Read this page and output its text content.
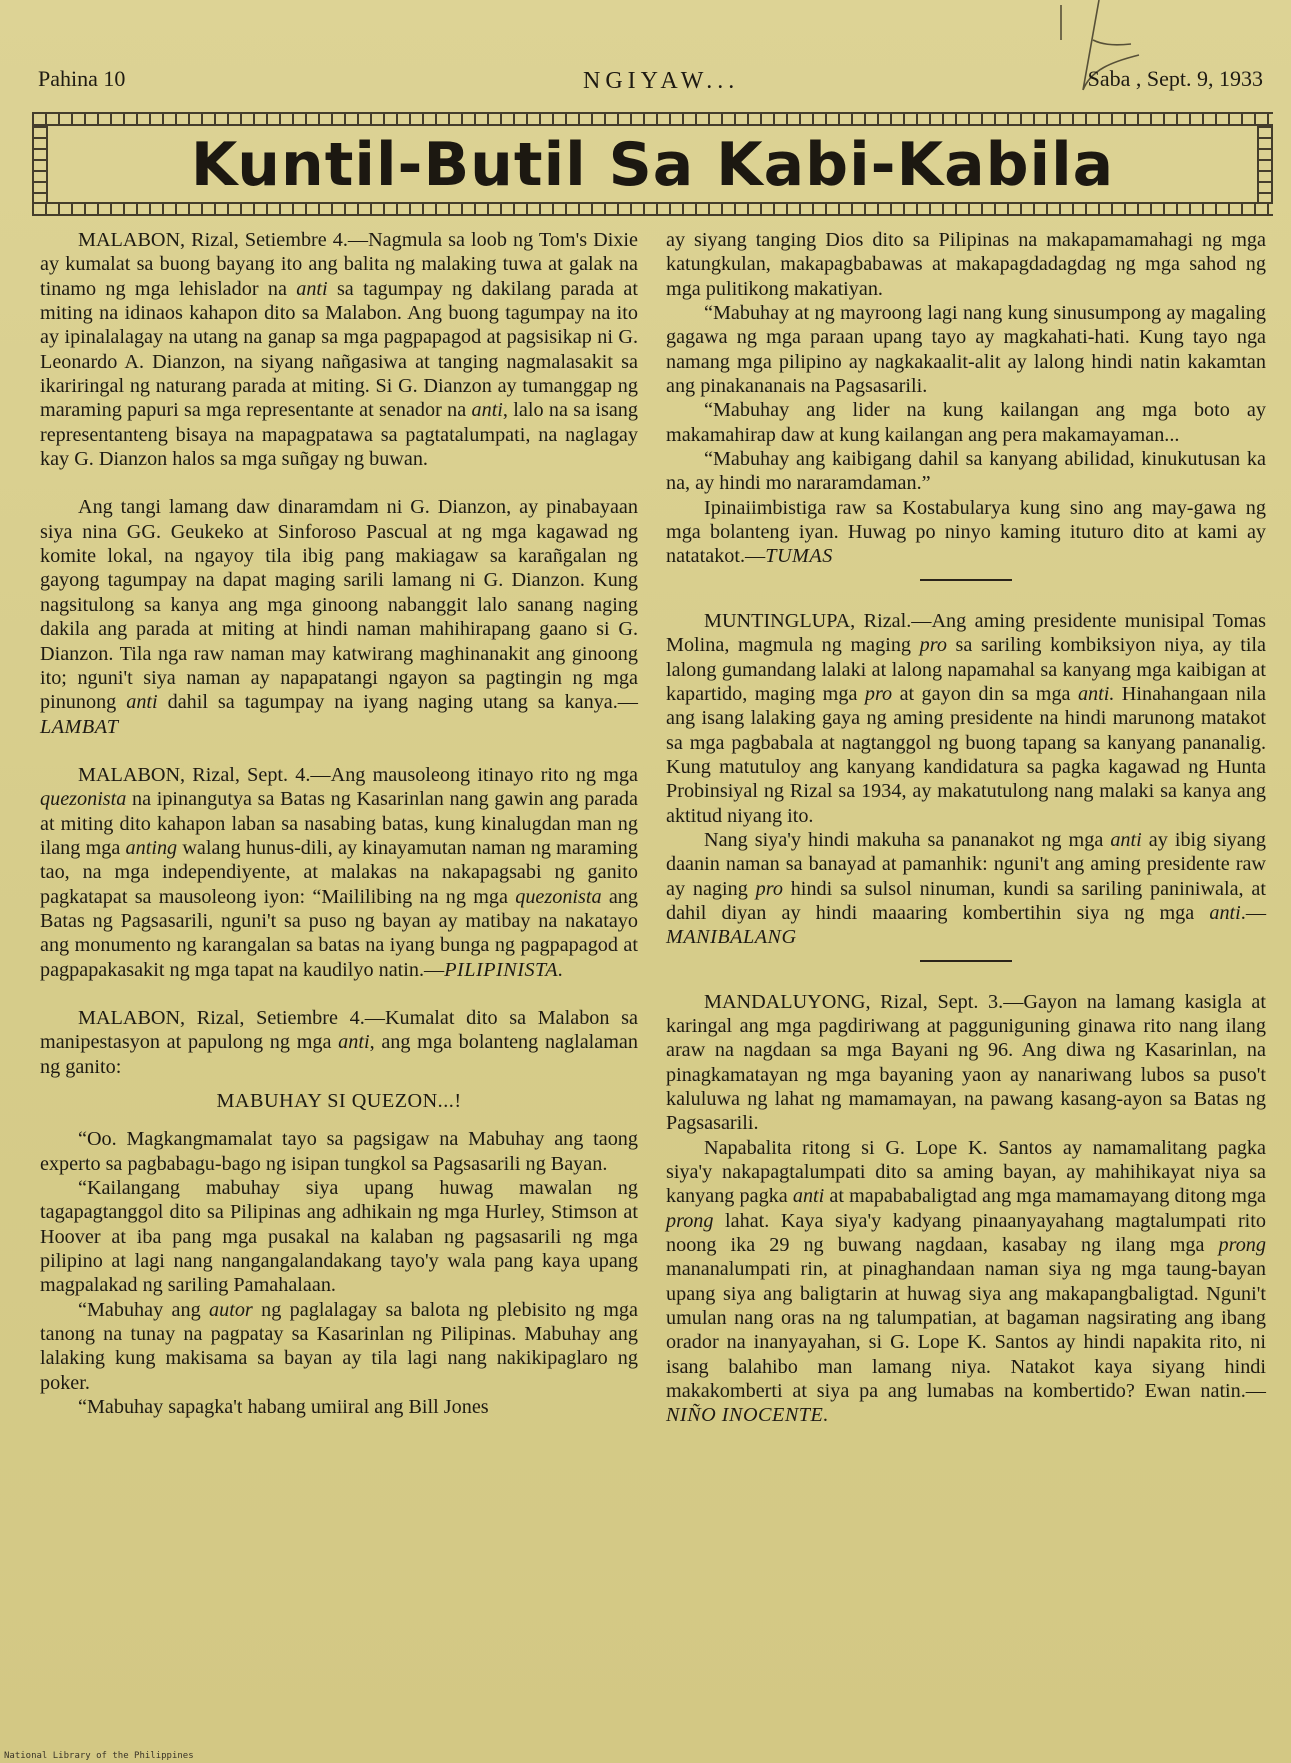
Pahina 10	NGIYAW...	Saba , Sept. 9, 1933
Kuntil-Butil Sa Kabi-Kabila

MALABON, Rizal, Setiembre 4.—Nagmula sa loob ng Tom's Dixie ay kumalat sa buong bayang ito ang balita ng malaking tuwa at galak na tinamo ng mga lehislador na anti sa tagumpay ng dakilang parada at miting na idinaos kahapon dito sa Malabon. Ang buong tagumpay na ito ay ipinalalagay na utang na ganap sa mga pagpapagod at pagsisikap ni G. Leonardo A. Dianzon, na siyang nañgasiwa at tanging nagmalasakit sa ikariringal ng naturang parada at miting. Si G. Dianzon ay tumanggap ng maraming papuri sa mga representante at senador na anti, lalo na sa isang representanteng bisaya na mapagpatawa sa pagtatalumpati, na naglagay kay G. Dianzon halos sa mga suñgay ng buwan.

Ang tangi lamang daw dinaramdam ni G. Dianzon, ay pinabayaan siya nina GG. Geukeko at Sinforoso Pascual at ng mga kagawad ng komite lokal, na ngayoy tila ibig pang makiagaw sa karañgalan ng gayong tagumpay na dapat maging sarili lamang ni G. Dianzon. Kung nagsitulong sa kanya ang mga ginoong nabanggit lalo sanang naging dakila ang parada at miting at hindi naman mahihirapang gaano si G. Dianzon. Tila nga raw naman may katwirang maghinanakit ang ginoong ito; nguni't siya naman ay napapatangi ngayon sa pagtingin ng mga pinunong anti dahil sa tagumpay na iyang naging utang sa kanya.—LAMBAT

MALABON, Rizal, Sept. 4.—Ang mausoleong itinayo rito ng mga quezonista na ipinangutya sa Batas ng Kasarinlan nang gawin ang parada at miting dito kahapon laban sa nasabing batas, kung kinalugdan man ng ilang mga anting walang hunus-dili, ay kinayamutan naman ng maraming tao, na mga independiyente, at malakas na nakapagsabi ng ganito pagkatapat sa mausoleong iyon: “Maililibing na ng mga quezonista ang Batas ng Pagsasarili, nguni't sa puso ng bayan ay matibay na nakatayo ang monumento ng karangalan sa batas na iyang bunga ng pagpapagod at pagpapakasakit ng mga tapat na kaudilyo natin.—PILIPINISTA.

MALABON, Rizal, Setiembre 4.—Kumalat dito sa Malabon sa manipestasyon at papulong ng mga anti, ang mga bolanteng naglalaman ng ganito:

MABUHAY SI QUEZON...!

“Oo. Magkangmamalat tayo sa pagsigaw na Mabuhay ang taong experto sa pagbabagu-bago ng isipan tungkol sa Pagsasarili ng Bayan.

“Kailangang mabuhay siya upang huwag mawalan ng tagapagtanggol dito sa Pilipinas ang adhikain ng mga Hurley, Stimson at Hoover at iba pang mga pusakal na kalaban ng pagsasarili ng mga pilipino at lagi nang nangangalandakang tayo'y wala pang kaya upang magpalakad ng sariling Pamahalaan.

“Mabuhay ang autor ng paglalagay sa balota ng plebisito ng mga tanong na tunay na pagpatay sa Kasarinlan ng Pilipinas. Mabuhay ang lalaking kung makisama sa bayan ay tila lagi nang nakikipaglaro ng poker.

“Mabuhay sapagka't habang umiiral ang Bill Jones

ay siyang tanging Dios dito sa Pilipinas na makapamamahagi ng mga katungkulan, makapagbabawas at makapagdadagdag ng mga sahod ng mga pulitikong makatiyan.

“Mabuhay at ng mayroong lagi nang kung sinusumpong ay magaling gagawa ng mga paraan upang tayo ay magkahati-hati. Kung tayo nga namang mga pilipino ay nagkakaalit-alit ay lalong hindi natin kakamtan ang pinakananais na Pagsasarili.

“Mabuhay ang lider na kung kailangan ang mga boto ay makamahirap daw at kung kailangan ang pera makamayaman...

“Mabuhay ang kaibigang dahil sa kanyang abilidad, kinukutusan ka na, ay hindi mo nararamdaman.”

Ipinaiimbistiga raw sa Kostabularya kung sino ang may-gawa ng mga bolanteng iyan. Huwag po ninyo kaming ituturo dito at kami ay natatakot.—TUMAS

MUNTINGLUPA, Rizal.—Ang aming presidente munisipal Tomas Molina, magmula ng maging pro sa sariling kombiksiyon niya, ay tila lalong gumandang lalaki at lalong napamahal sa kanyang mga kaibigan at kapartido, maging mga pro at gayon din sa mga anti. Hinahangaan nila ang isang lalaking gaya ng aming presidente na hindi marunong matakot sa mga pagbabala at nagtanggol ng buong tapang sa kanyang pananalig. Kung matutuloy ang kanyang kandidatura sa pagka kagawad ng Hunta Probinsiyal ng Rizal sa 1934, ay makatutulong nang malaki sa kanya ang aktitud niyang ito.

Nang siya'y hindi makuha sa pananakot ng mga anti ay ibig siyang daanin naman sa banayad at pamanhik: nguni't ang aming presidente raw ay naging pro hindi sa sulsol ninuman, kundi sa sariling paniniwala, at dahil diyan ay hindi maaaring kombertihin siya ng mga anti.—MANIBALANG

MANDALUYONG, Rizal, Sept. 3.—Gayon na lamang kasigla at karingal ang mga pagdiriwang at pagguniguning ginawa rito nang ilang araw na nagdaan sa mga Bayani ng 96. Ang diwa ng Kasarinlan, na pinagkamatayan ng mga bayaning yaon ay nanariwang lubos sa puso't kaluluwa ng lahat ng mamamayan, na pawang kasang-ayon sa Batas ng Pagsasarili.

Napabalita ritong si G. Lope K. Santos ay namamalitang pagka siya'y nakapagtalumpati dito sa aming bayan, ay mahihikayat niya sa kanyang pagka anti at mapababaligtad ang mga mamamayang ditong mga prong lahat. Kaya siya'y kadyang pinaanyayahang magtalumpati rito noong ika 29 ng buwang nagdaan, kasabay ng ilang mga prong mananalumpati rin, at pinaghandaan naman siya ng mga taung-bayan upang siya ang baligtarin at huwag siya ang makapangbaligtad. Nguni't umulan nang oras na ng talumpatian, at bagaman nagsirating ang ibang orador na inanyayahan, si G. Lope K. Santos ay hindi napakita rito, ni isang balahibo man lamang niya. Natakot kaya siyang hindi makakomberti at siya pa ang lumabas na kombertido? Ewan natin.—NIÑO INOCENTE.

National Library of the Philippines
